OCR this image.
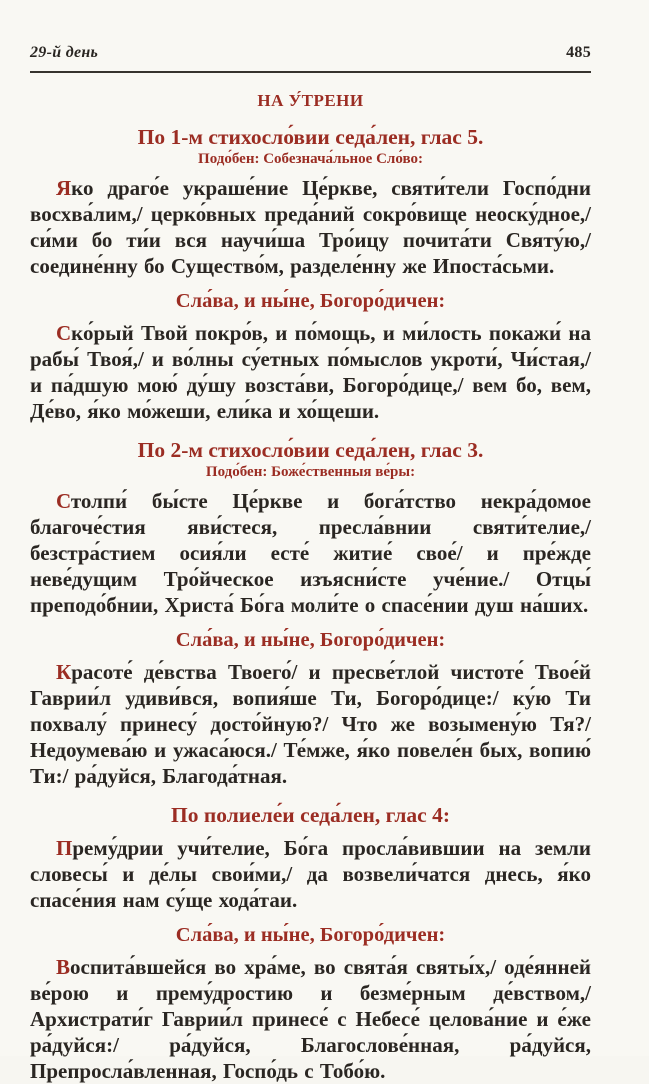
29-й день	485
НА У́ТРЕНИ
По 1-м стихосло́вии седа́лен, глас 5.
Подо́бен: Собезнача́льное Сло́во:

Яко драго́е украше́ние Це́ркве, святи́тели Госпо́дни восхва́лим,/ церко́вных преда́ний сокро́вище неоску́дное,/ си́ми бо ти́и вся научи́ша Тро́ицу почита́ти Святу́ю,/ соедине́нну бо Существо́м, разделе́нну же Ипоста́сьми.

Сла́ва, и ны́не, Богоро́дичен:

Ско́рый Твой покро́в, и по́мощь, и ми́лость покажи́ на рабы́ Твоя́,/ и во́лны су́етных по́мыслов укроти́, Чи́стая,/ и па́дшую мою́ ду́шу возста́ви, Богоро́дице,/ вем бо, вем, Де́во, я́ко мо́жеши, ели́ка и хо́щеши.

По 2-м стихосло́вии седа́лен, глас 3.
Подо́бен: Боже́ственныя ве́ры:

Столпи́ бы́сте Це́ркве и бога́тство некра́домое благоче́стия яви́стеся, пресла́внии святи́телие,/ безстра́стием осия́ли есте́ житие́ свое́/ и пре́жде неве́дущим Тро́йческое изъясни́сте уче́ние./ Отцы́ преподо́бнии, Христа́ Бо́га моли́те о спасе́нии душ на́ших.

Сла́ва, и ны́не, Богоро́дичен:

Красоте́ де́вства Твоего́/ и пресве́тлой чистоте́ Твое́й Гаврии́л удиви́вся, вопия́ше Ти, Богоро́дице:/ ку́ю Ти похвалу́ принесу́ досто́йную?/ Что же возымену́ю Тя?/ Недоумева́ю и ужаса́юся./ Те́мже, я́ко повеле́н бых, вопию́ Ти:/ ра́дуйся, Благода́тная.

По полиеле́и седа́лен, глас 4:

Прему́дрии учи́телие, Бо́га просла́вившии на земли словесы́ и де́лы свои́ми,/ да возвели́чатся днесь, я́ко спасе́ния нам су́ще хода́таи.

Сла́ва, и ны́не, Богоро́дичен:

Воспита́вшейся во хра́ме, во свята́я святы́х,/ оде́янней ве́рою и прему́дростию и безме́рным де́вством,/ Архистрати́г Гаврии́л принесе́ с Небесе́ целова́ние и е́же ра́дуйся:/ ра́дуйся, Благослове́нная, ра́дуйся, Препросла́вленная, Госпо́дь с Тобо́ю.
